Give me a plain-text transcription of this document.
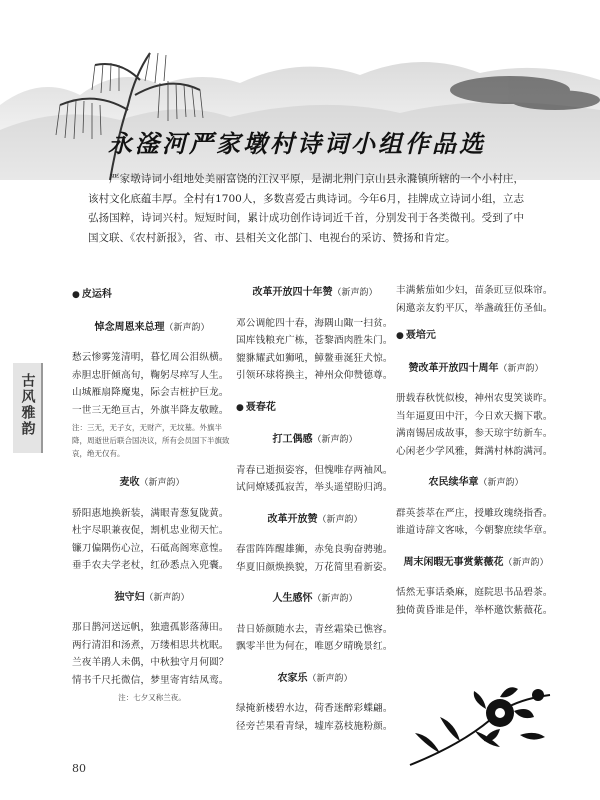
永滏河严家墩村诗词小组作品选

严家墩诗词小组地处美丽富饶的江汉平原，是湖北荆门京山县永漋镇所辖的一个小村庄，该村文化底蕴丰厚。全村有1700人，多数喜爱古典诗词。今年6月，挂牌成立诗词小组，立志弘扬国粹，诗词兴村。短短时间，累计成功创作诗词近千首，分别发刊于各类微刊。受到了中国文联、《农村新报》，省、市、县相关文化部门、电视台的采访、赞扬和肯定。

古风雅韵
● 皮运科
悼念周恩来总理（新声韵）
愁云惨雾笼清明，暮忆周公泪纵横。
赤胆忠肝倾高旬，鞠躬尽瘁写人生。
山城雁扇降魔鬼，际会吉桩护巨龙。
一世三无绝亘古，外旗半降友敬瞠。
注：三无，无子女，无财产，无坟墓。外旗半降，周逝世后联合国决议，所有会员国下半旗致哀，绝无仅有。
麦收（新声韵）
骄阳惠地换新装，满眼青葱复陇黄。
杜宇尽职兼夜促，割机忠业彻天忙。
镰刀偏隅伤心泣，石砥高阁寒意惶。
垂手农夫学老杖，红砂悉点入兜囊。
独守妇（新声韵）
那日鹊河送远帆，独遗孤影落薄田。
两行清泪和汤煮，万缕相思共枕眠。
兰夜羊鹃人未偶，中秋独守月何圆？
情书千尺托微信，梦里寄宵结凤鸾。
注：七夕又称兰夜。
改革开放四十年赞（新声韵）
邓公调舵四十春，海隅山陬一扫贫。
国库钱粮充广栋，苍黎酒肉胜朱门。
貔貅耀武如狮吼，鱆鳌垂涎狂犬惊。
引领环球将换主，神州众仰赞德尊。
● 聂春花
打工偶感（新声韵）
青春已逝损姿容，但愧唯存两袖风。
试问燎矮孤寂苦，举头遥望盼归鸿。
改革开放赞（新声韵）
春雷阵阵醒雄狮，赤兔良驹奋骋驰。
华夏旧颜焕换貌，万花简里看新姿。
人生感怀（新声韵）
昔日娇颜随水去，青丝霜染已憔容。
飘零半世为何在，唯愿夕晴晚景红。
农家乐（新声韵）
绿掩新楼碧水边，荷香迷醉彩蝶翩。
径旁芒果看青绿，墟库荔枝施粉颜。
丰满紫茄如少妇，苗条豇豆似珠帘。
闲邀亲友豹平仄，举盏疏狂仿圣仙。
● 聂培元
赞改革开放四十周年（新声韵）
册载春秋恍似梭，神州农叟笑谈昨。
当年逼夏田中汗，今日欢天搁下歌。
满南锡居成故事，参天琼宇纺新车。
心闲老少学风雅，舞满村林韵满河。
农民续华章（新声韵）
群英荟萃在严庄，授雕玫瑰绕指香。
谁道诗辞文客咏，今朝黎庶续华章。
周末闲暇无事赏紫薇花（新声韵）
恬然无事话桑麻，庭院思书品碧茶。
独倚黄昏谁是伴，举杯邀饮紫薇花。
80
